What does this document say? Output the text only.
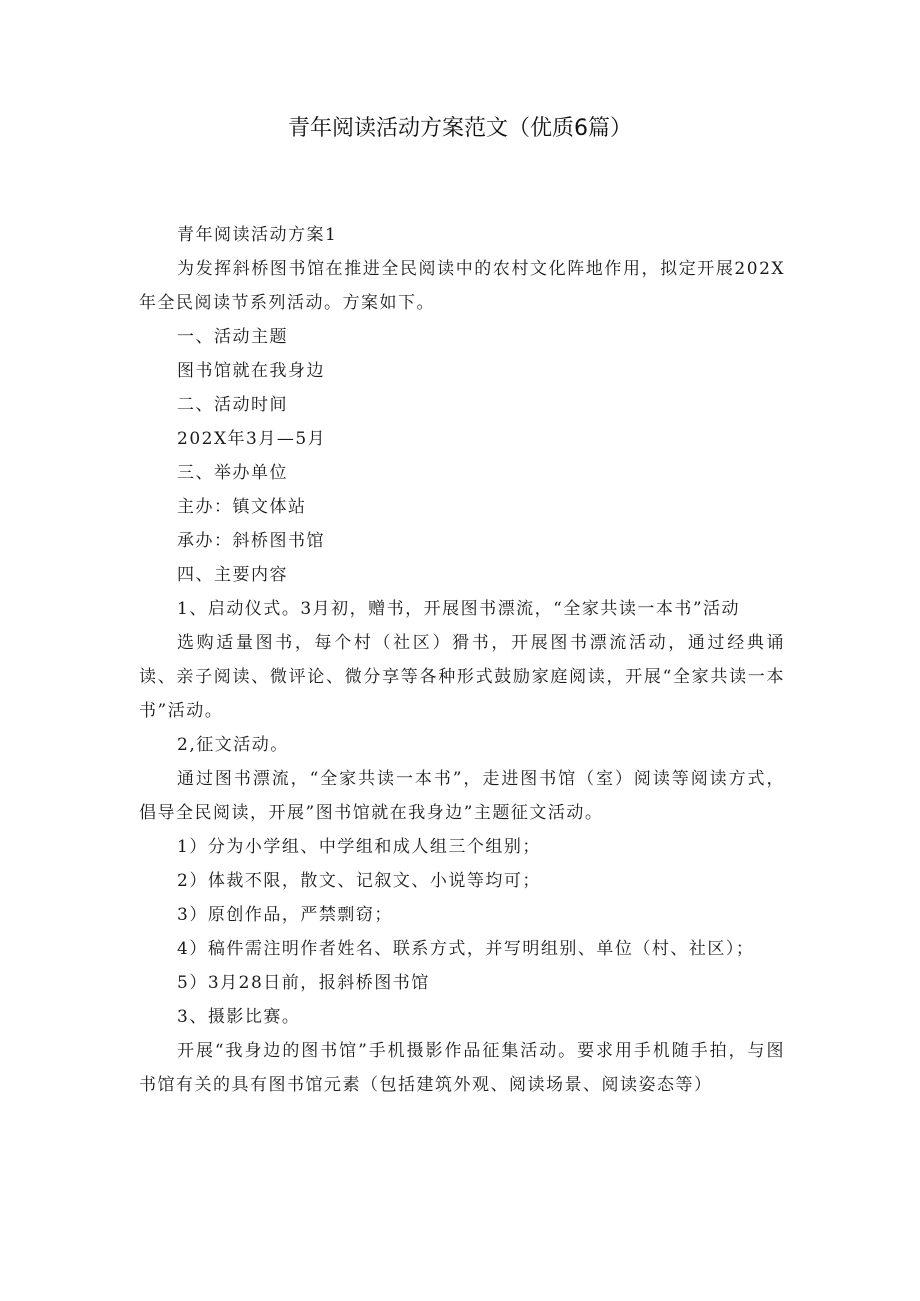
青年阅读活动方案范文（优质6篇）

青年阅读活动方案1

为发挥斜桥图书馆在推进全民阅读中的农村文化阵地作用，拟定开展202X年全民阅读节系列活动。方案如下。

一、活动主题

图书馆就在我身边

二、活动时间

202X年3月—5月

三、举办单位

主办：镇文体站

承办：斜桥图书馆

四、主要内容

1、启动仪式。3月初，赠书，开展图书漂流，“全家共读一本书”活动

选购适量图书，每个村（社区）猾书，开展图书漂流活动，通过经典诵读、亲子阅读、微评论、微分享等各种形式鼓励家庭阅读，开展“全家共读一本书”活动。

2,征文活动。

通过图书漂流，“全家共读一本书”，走进图书馆（室）阅读等阅读方式，倡导全民阅读，开展”图书馆就在我身边”主题征文活动。

1）分为小学组、中学组和成人组三个组别；

2）体裁不限，散文、记叙文、小说等均可；

3）原创作品，严禁剽窃；

4）稿件需注明作者姓名、联系方式，并写明组别、单位（村、社区）；

5）3月28日前，报斜桥图书馆

3、摄影比赛。

开展“我身边的图书馆”手机摄影作品征集活动。要求用手机随手拍，与图书馆有关的具有图书馆元素（包括建筑外观、阅读场景、阅读姿态等）
